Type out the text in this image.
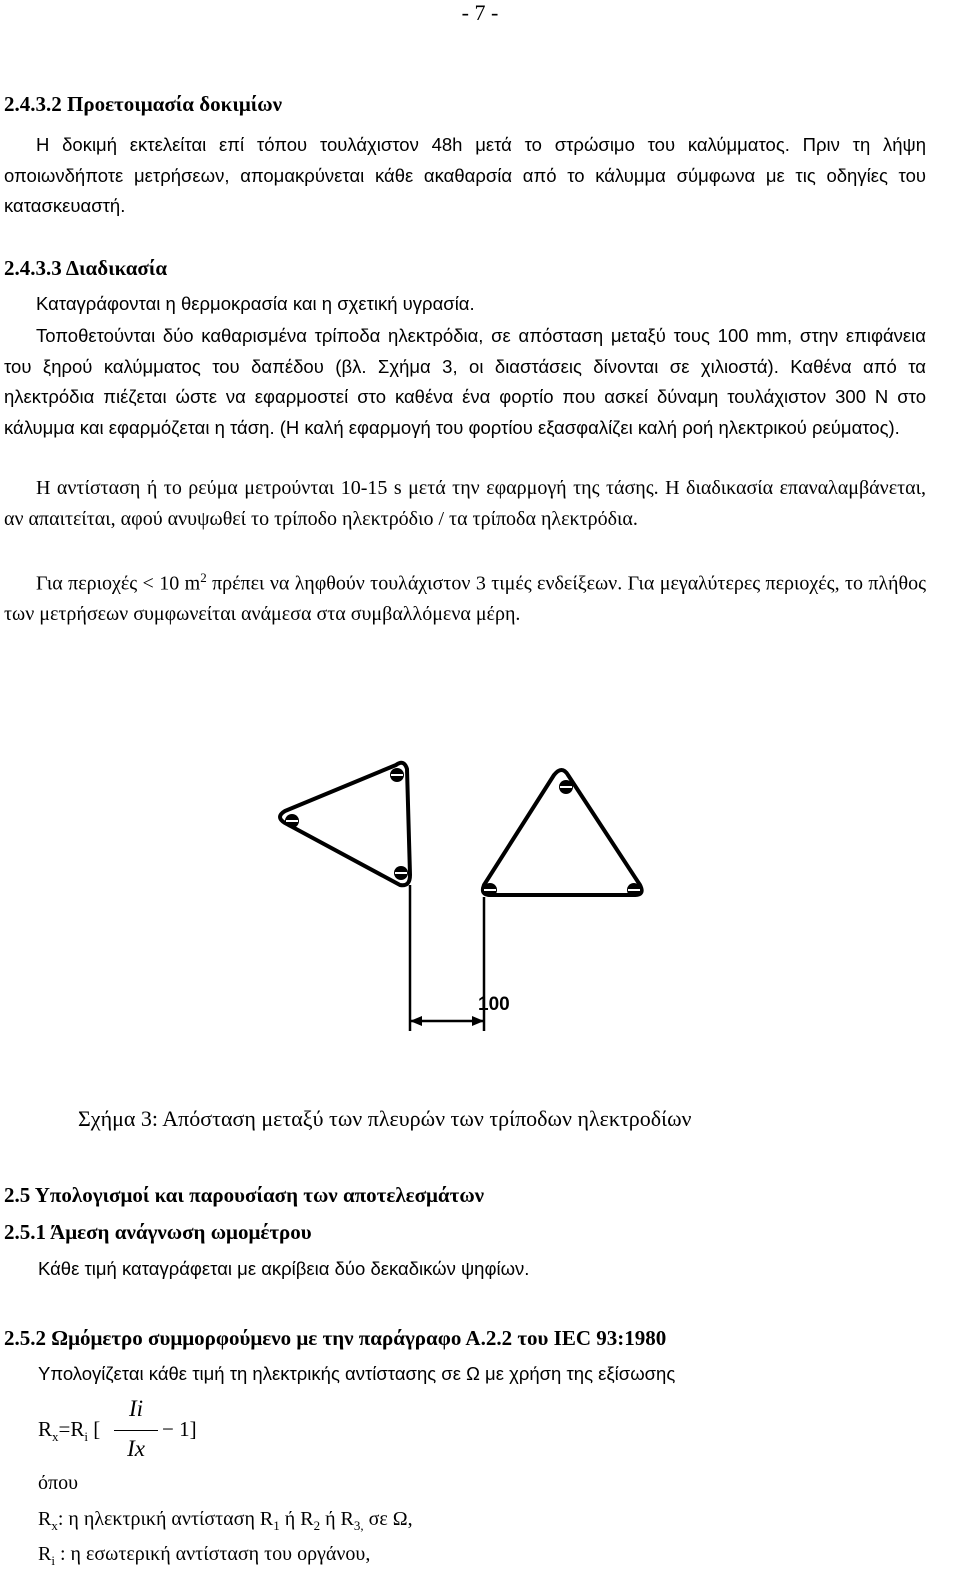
- 7 -
2.4.3.2 Προετοιμασία δοκιμίων
Η δοκιμή εκτελείται επί τόπου τουλάχιστον 48h μετά το στρώσιμο του καλύμματος. Πριν τη λήψη οποιωνδήποτε μετρήσεων, απομακρύνεται κάθε ακαθαρσία από το κάλυμμα σύμφωνα με τις οδηγίες του κατασκευαστή.
2.4.3.3 Διαδικασία
Καταγράφονται η θερμοκρασία και η σχετική υγρασία.
Τοποθετούνται δύο καθαρισμένα τρίποδα ηλεκτρόδια, σε απόσταση μεταξύ τους 100 mm, στην επιφάνεια του ξηρού καλύμματος του δαπέδου (βλ. Σχήμα 3, οι διαστάσεις δίνονται σε χιλιοστά). Καθένα από τα ηλεκτρόδια πιέζεται ώστε να εφαρμοστεί στο καθένα ένα φορτίο που ασκεί δύναμη τουλάχιστον 300 N στο κάλυμμα και εφαρμόζεται η τάση. (Η καλή εφαρμογή του φορτίου εξασφαλίζει καλή ροή ηλεκτρικού ρεύματος).
Η αντίσταση ή το ρεύμα μετρούνται 10-15 s μετά την εφαρμογή της τάσης. Η διαδικασία επαναλαμβάνεται, αν απαιτείται, αφού ανυψωθεί το τρίποδο ηλεκτρόδιο / τα τρίποδα ηλεκτρόδια.
Για περιοχές < 10 $m^2$ πρέπει να ληφθούν τουλάχιστον 3 τιμές ενδείξεων. Για μεγαλύτερες περιοχές, το πλήθος των μετρήσεων συμφωνείται ανάμεσα στα συμβαλλόμενα μέρη.
100
Σχήμα 3: Απόσταση μεταξύ των πλευρών των τρίποδων ηλεκτροδίων
2.5 Υπολογισμοί και παρουσίαση των αποτελεσμάτων
2.5.1 Άμεση ανάγνωση ωμομέτρου
Κάθε τιμή καταγράφεται με ακρίβεια δύο δεκαδικών ψηφίων.
2.5.2 Ωμόμετρο συμμορφούμενο με την παράγραφο Α.2.2 του IEC 93:1980
Υπολογίζεται κάθε τιμή τη ηλεκτρικής αντίστασης σε Ω με χρήση της εξίσωσης
$R_x=R_i$ [
Ii
Ix
− 1]
όπου
$R_x$: η ηλεκτρική αντίσταση $R_1$ ή $R_2$ ή $R_{3,}$ σε Ω,
$R_i$ : η εσωτερική αντίσταση του οργάνου,
